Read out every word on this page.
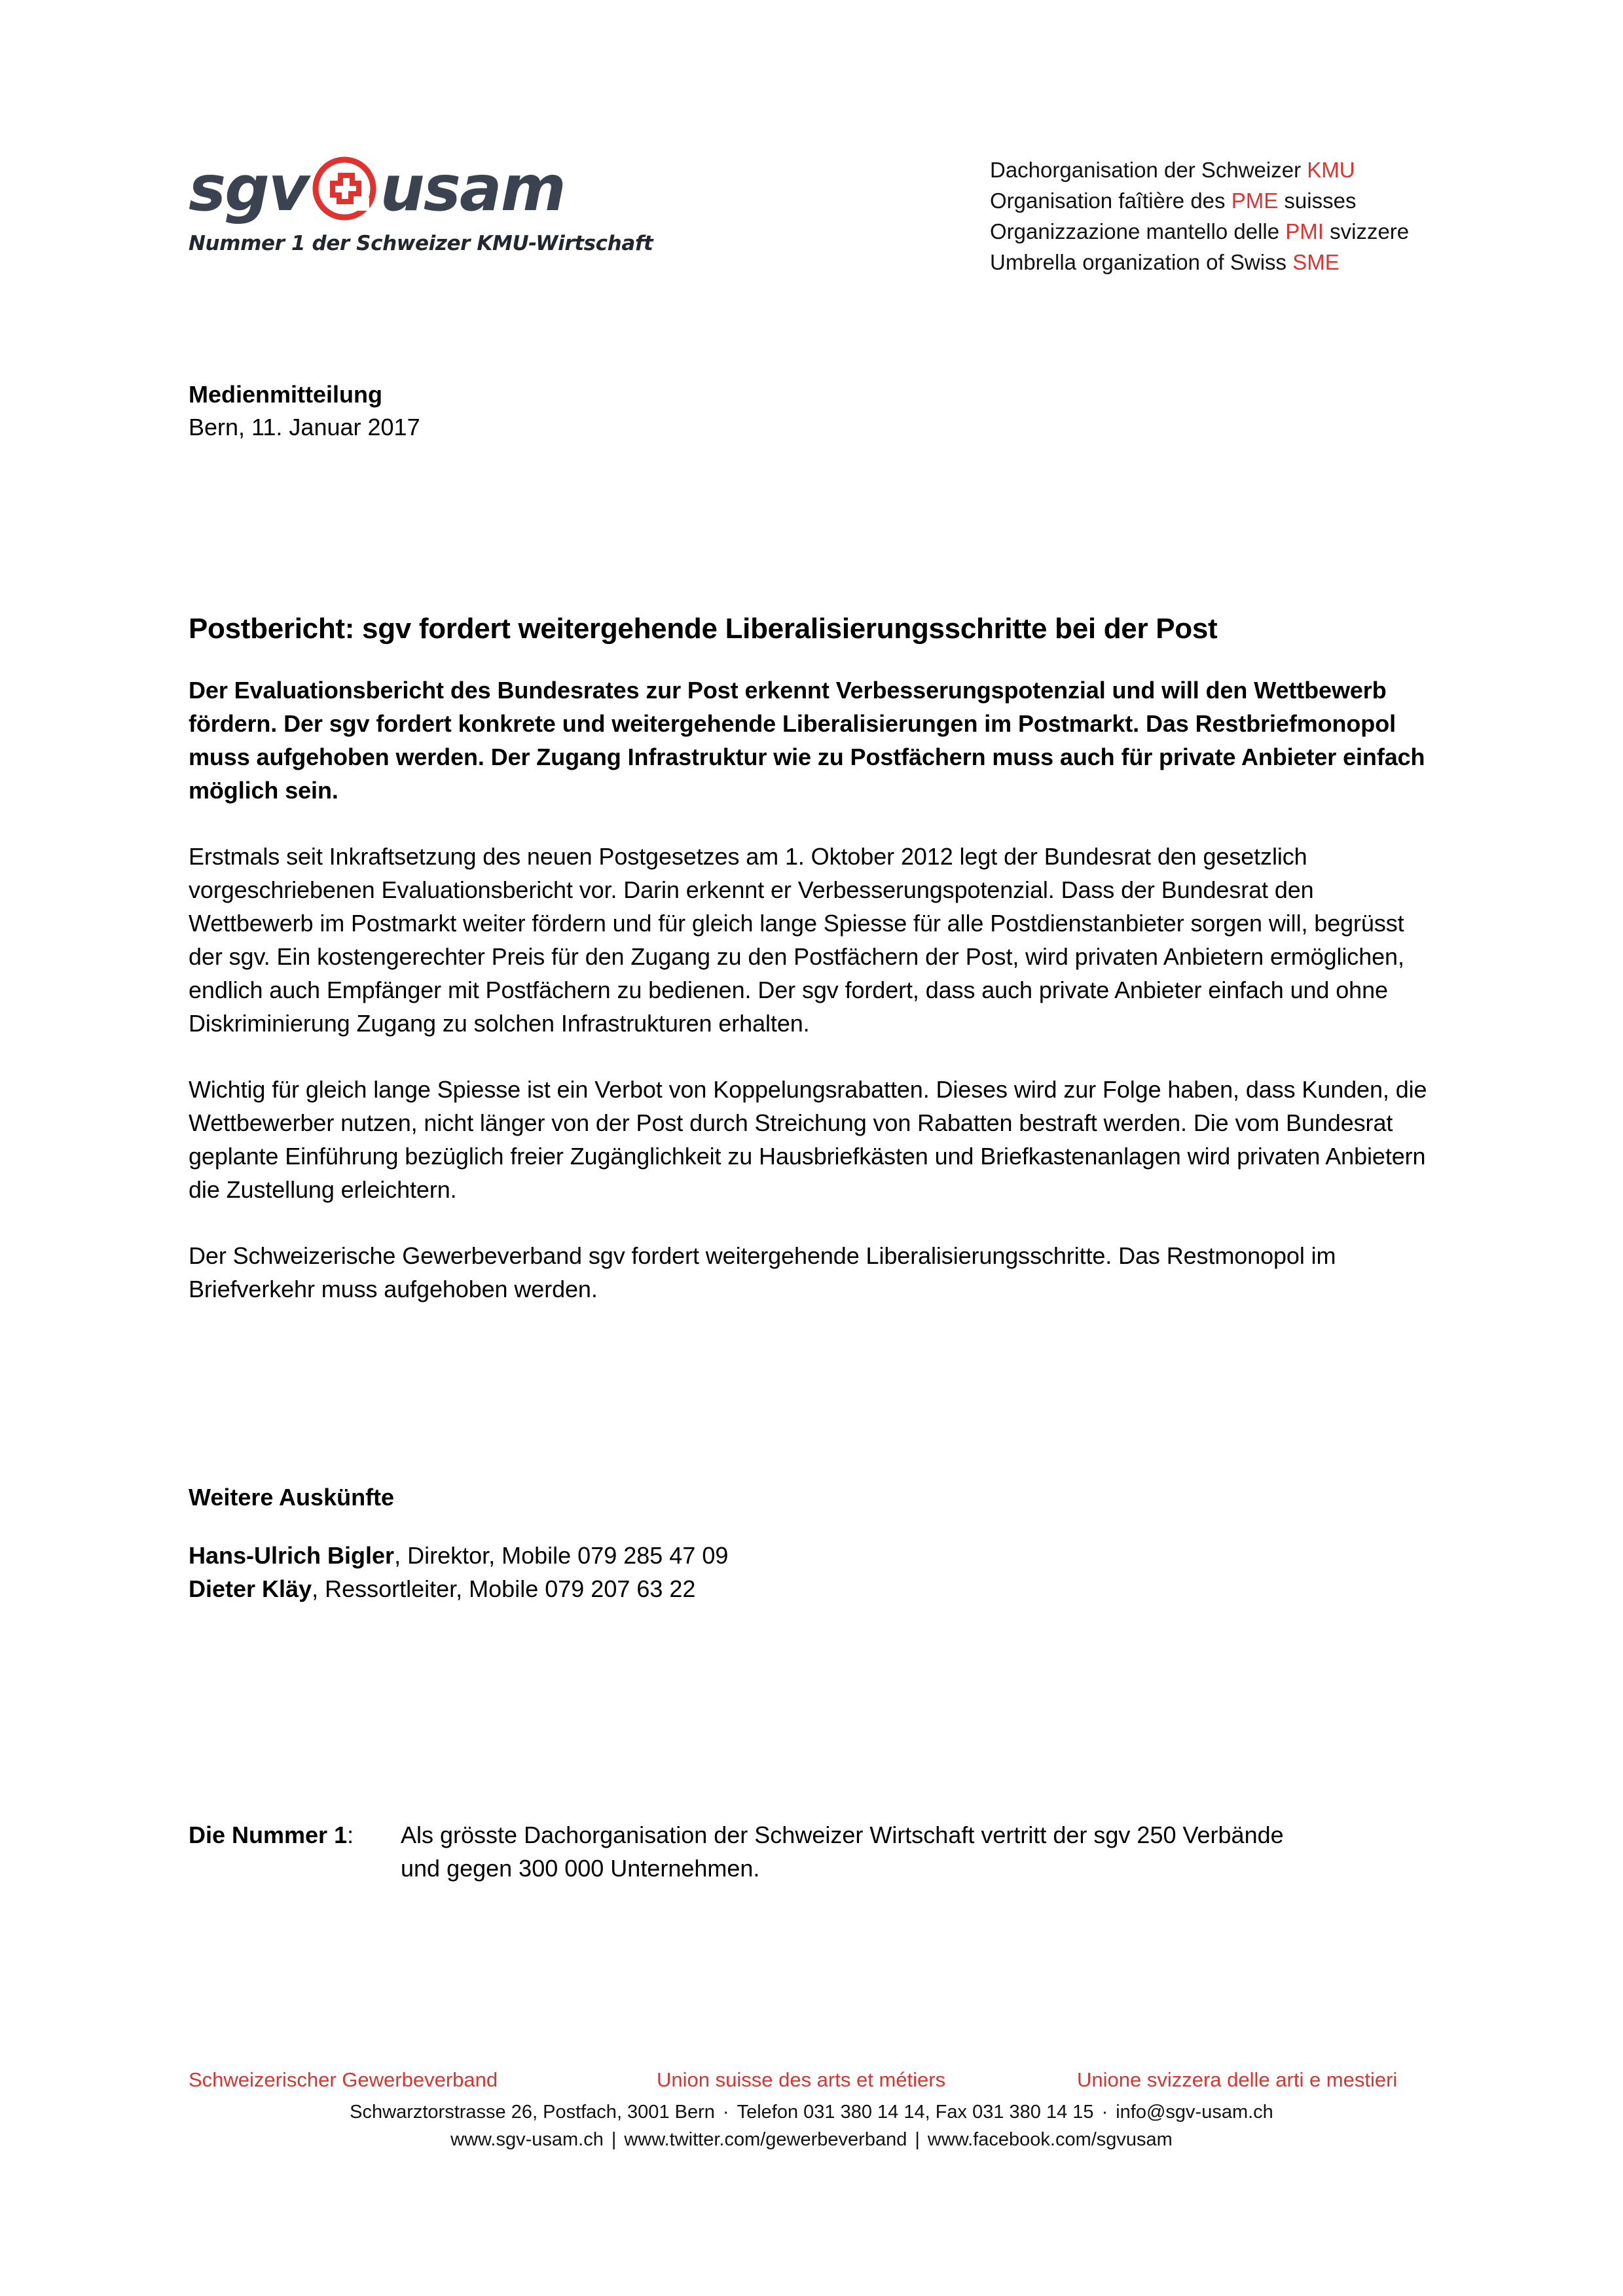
sgv usam
Nummer 1 der Schweizer KMU-Wirtschaft
Dachorganisation der Schweizer KMU
Organisation faîtière des PME suisses
Organizzazione mantello delle PMI svizzere
Umbrella organization of Swiss SME
Medienmitteilung
Bern, 11. Januar 2017
Postbericht: sgv fordert weitergehende Liberalisierungsschritte bei der Post

Der Evaluationsbericht des Bundesrates zur Post erkennt Verbesserungspotenzial und will den Wettbewerb fördern. Der sgv fordert konkrete und weitergehende Liberalisierungen im Postmarkt. Das Restbriefmonopol muss aufgehoben werden. Der Zugang Infrastruktur wie zu Postfächern muss auch für private Anbieter einfach möglich sein.

Erstmals seit Inkraftsetzung des neuen Postgesetzes am 1. Oktober 2012 legt der Bundesrat den gesetzlich vorgeschriebenen Evaluationsbericht vor. Darin erkennt er Verbesserungspotenzial. Dass der Bundesrat den Wettbewerb im Postmarkt weiter fördern und für gleich lange Spiesse für alle Postdienstanbieter sorgen will, begrüsst der sgv. Ein kostengerechter Preis für den Zugang zu den Postfächern der Post, wird privaten Anbietern ermöglichen, endlich auch Empfänger mit Postfächern zu bedienen. Der sgv fordert, dass auch private Anbieter einfach und ohne Diskriminierung Zugang zu solchen Infrastrukturen erhalten.

Wichtig für gleich lange Spiesse ist ein Verbot von Koppelungsrabatten. Dieses wird zur Folge haben, dass Kunden, die Wettbewerber nutzen, nicht länger von der Post durch Streichung von Rabatten bestraft werden. Die vom Bundesrat geplante Einführung bezüglich freier Zugänglichkeit zu Hausbriefkästen und Briefkastenanlagen wird privaten Anbietern die Zustellung erleichtern.

Der Schweizerische Gewerbeverband sgv fordert weitergehende Liberalisierungsschritte. Das Restmonopol im Briefverkehr muss aufgehoben werden.

Weitere Auskünfte
Hans-Ulrich Bigler, Direktor, Mobile 079 285 47 09
Dieter Kläy, Ressortleiter, Mobile 079 207 63 22
Die Nummer 1:	Als grösste Dachorganisation der Schweizer Wirtschaft vertritt der sgv 250 Verbände und gegen 300 000 Unternehmen.
Schweizerischer Gewerbeverband	Union suisse des arts et métiers	Unione svizzera delle arti e mestieri
Schwarztorstrasse 26, Postfach, 3001 Bern · Telefon 031 380 14 14, Fax 031 380 14 15 · info@sgv-usam.ch
www.sgv-usam.ch | www.twitter.com/gewerbeverband | www.facebook.com/sgvusam
